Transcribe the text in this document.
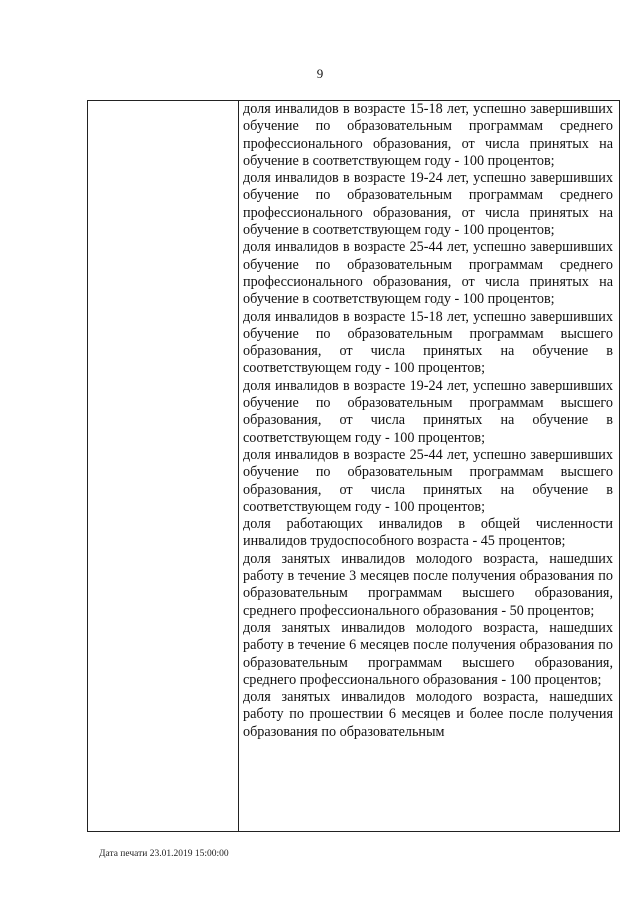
9

доля инвалидов в возрасте 15-18 лет, успешно завершивших обучение по образовательным программам среднего профессионального образования, от числа принятых на обучение в соответствующем году - 100 процентов;

доля инвалидов в возрасте 19-24 лет, успешно завершивших обучение по образовательным программам среднего профессионального образования, от числа принятых на обучение в соответствующем году - 100 процентов;

доля инвалидов в возрасте 25-44 лет, успешно завершивших обучение по образовательным программам среднего профессионального образования, от числа принятых на обучение в соответствующем году - 100 процентов;

доля инвалидов в возрасте 15-18 лет, успешно завершивших обучение по образовательным программам высшего образования, от числа принятых на обучение в соответствующем году - 100 процентов;

доля инвалидов в возрасте 19-24 лет, успешно завершивших обучение по образовательным программам высшего образования, от числа принятых на обучение в соответствующем году - 100 процентов;

доля инвалидов в возрасте 25-44 лет, успешно завершивших обучение по образовательным программам высшего образования, от числа принятых на обучение в соответствующем году - 100 процентов;

доля работающих инвалидов в общей численности инвалидов трудоспособного возраста - 45 процентов;

доля занятых инвалидов молодого возраста, нашедших работу в течение 3 месяцев после получения образования по образовательным программам высшего образования, среднего профессионального образования - 50 процентов;

доля занятых инвалидов молодого возраста, нашедших работу в течение 6 месяцев после получения образования по образовательным программам высшего образования, среднего профессионального образования - 100 процентов;

доля занятых инвалидов молодого возраста, нашедших работу по прошествии 6 месяцев и более после получения образования по образовательным

Дата печати 23.01.2019 15:00:00
